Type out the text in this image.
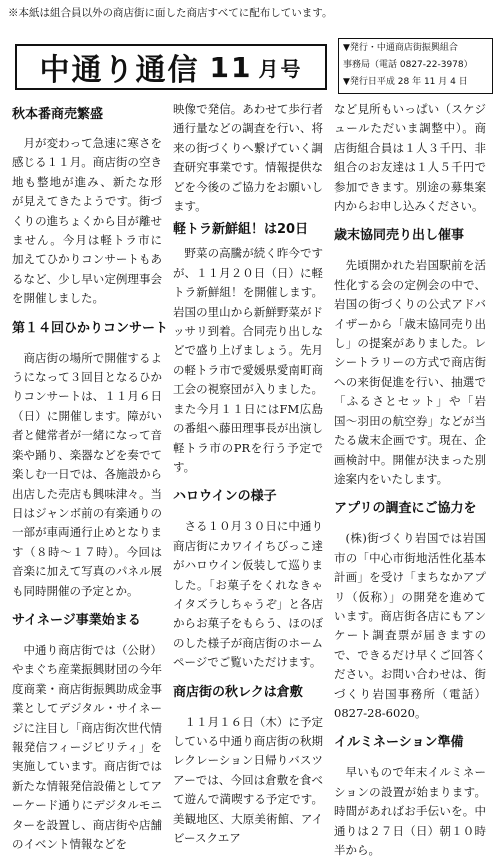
※本紙は組合員以外の商店街に面した商店すべてに配布しています。
中通り通信 11 月号
▼発行・中通商店街振興組合
事務局（電話 0827-22-3978）
▼発行日平成 28 年 11 月 4 日
秋本番商売繁盛

月が変わって急速に寒さを感じる１１月。商店街の空き地も整地が進み、新たな形が見えてきたようです。街づくりの進ちょくから目が離せません。今月は軽トラ市に加えてひかりコンサートもあるなど、少し早い定例理事会を開催しました。

第１４回ひかりコンサート

商店街の場所で開催するようになって３回目となるひかりコンサートは、１１月６日（日）に開催します。障がい者と健常者が一緒になって音楽や踊り、楽器などを奏でて楽しむ一日では、各施設から出店した売店も興味津々。当日はジャンボ前の有楽通りの一部が車両通行止めとなります（８時〜１７時）。今回は音楽に加えて写真のパネル展も同時開催の予定とか。

サイネージ事業始まる

中通り商店街では（公財）やまぐち産業振興財団の今年度商業・商店街振興助成金事業としてデジタル・サイネージに注目し「商店街次世代情報発信フィージビリティ」を実施しています。商店街では新たな情報発信設備としてアーケード通りにデジタルモニターを設置し、商店街や店舗のイベント情報などを

映像で発信。あわせて歩行者通行量などの調査を行い、将来の街づくりへ繋げていく調査研究事業です。情報提供などを今後のご協力をお願いします。

軽トラ新鮮組！は20日

野菜の高騰が続く昨今ですが、１１月２０日（日）に軽トラ新鮮組！を開催します。岩国の里山から新鮮野菜がドッサリ到着。合同売り出しなどで盛り上げましょう。先月の軽トラ市で愛媛県愛南町商工会の視察団が入りました。また今月１１日にはFM広島の番組へ藤田理事長が出演し軽トラ市のPRを行う予定です。

ハロウインの様子

さる１０月３０日に中通り商店街にカワイイちびっこ達がハロウイン仮装して巡りました。「お菓子をくれなきゃイタズラしちゃうぞ」と各店からお菓子をもらう、ほのぼのした様子が商店街のホームページでご覧いただけます。

商店街の秋レクは倉敷

１１月１６日（木）に予定している中通り商店街の秋期レクレーション日帰りバスツアーでは、今回は倉敷を食べて遊んで満喫する予定です。美観地区、大原美術館、アイビースクエア

など見所もいっぱい（スケジュールただいま調整中）。商店街組合員は１人３千円、非組合のお友達は１人５千円で参加できます。別途の募集案内からお申し込みください。

歳末協同売り出し催事

先頃開かれた岩国駅前を活性化する会の定例会の中で、岩国の街づくりの公式アドバイザーから「歳末協同売り出し」の提案がありました。レシートラリーの方式で商店街への来街促進を行い、抽選で「ふるさとセット」や「岩国〜羽田の航空券」などが当たる歳末企画です。現在、企画検討中。開催が決まった別途案内をいたします。

アプリの調査にご協力を

(株)街づくり岩国では岩国市の「中心市街地活性化基本計画」を受け「まちなかアプリ（仮称）」の開発を進めています。商店街各店にもアンケート調査票が届きますので、できるだけ早くご回答ください。お問い合わせは、街づくり岩国事務所（電話）0827-28-6020。

イルミネーション準備

早いもので年末イルミネーションの設置が始まります。時間があればお手伝いを。中通りは２７日（日）朝１０時半から。
